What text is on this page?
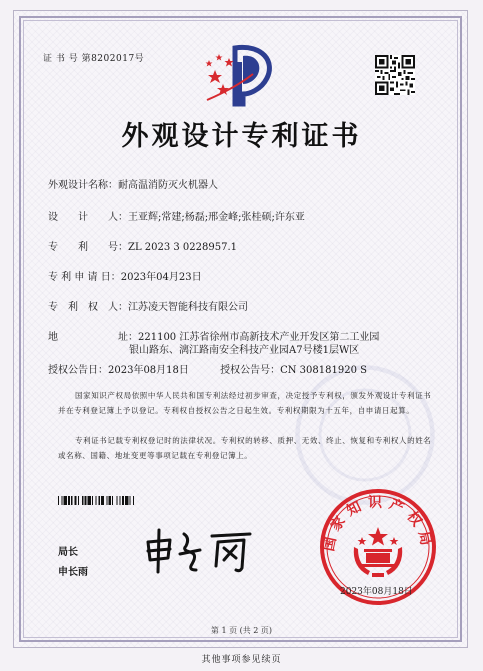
证 书 号 第8202017号
外观设计专利证书
外观设计名称：耐高温消防灭火机器人
设　　计　　人：王亚辉;常建;杨磊;邢金峰;张桂硕;许东亚
专　　利　　号：ZL 2023 3 0228957.1
专 利 申 请 日：2023年04月23日
专　利　权　人：江苏凌天智能科技有限公司
地　　　　　　址：221100 江苏省徐州市高新技术产业开发区第二工业园
银山路东、漓江路南安全科技产业园A7号楼1层W区
授权公告日：2023年08月18日	授权公告号：CN 308181920 S
国家知识产权局依照中华人民共和国专利法经过初步审查，决定授予专利权，颁发外观设计专利证书并在专利登记簿上予以登记。专利权自授权公告之日起生效。专利权期限为十五年，自申请日起算。
专利证书记载专利权登记时的法律状况。专利权的转移、质押、无效、终止、恢复和专利权人的姓名或名称、国籍、地址变更等事项记载在专利登记簿上。
局长
申长雨
国家知识产权局
2023年08月18日
第 1 页 (共 2 页)
其他事项参见续页
